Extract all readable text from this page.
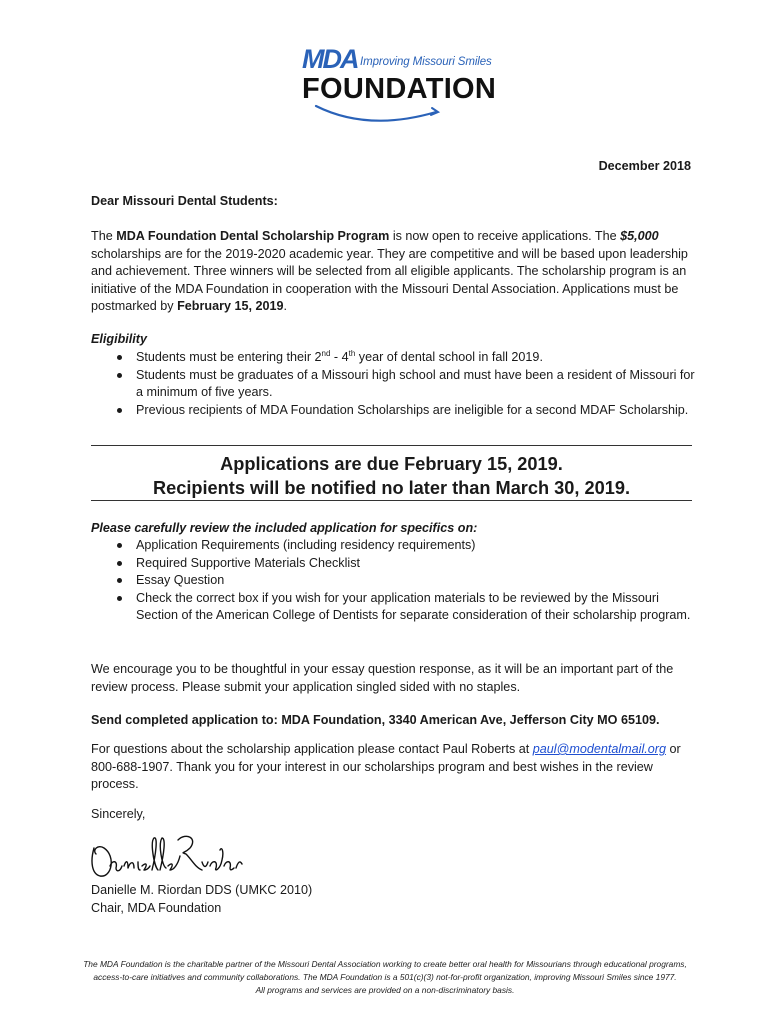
MDA Improving Missouri Smiles
FOUNDATION
December 2018
Dear Missouri Dental Students:
The MDA Foundation Dental Scholarship Program is now open to receive applications. The $5,000 scholarships are for the 2019-2020 academic year. They are competitive and will be based upon leadership and achievement. Three winners will be selected from all eligible applicants. The scholarship program is an initiative of the MDA Foundation in cooperation with the Missouri Dental Association. Applications must be postmarked by February 15, 2019.
Eligibility
Students must be entering their 2nd - 4th year of dental school in fall 2019.
Students must be graduates of a Missouri high school and must have been a resident of Missouri for a minimum of five years.
Previous recipients of MDA Foundation Scholarships are ineligible for a second MDAF Scholarship.
Applications are due February 15, 2019.
Recipients will be notified no later than March 30, 2019.
Please carefully review the included application for specifics on:
Application Requirements (including residency requirements)
Required Supportive Materials Checklist
Essay Question
Check the correct box if you wish for your application materials to be reviewed by the Missouri Section of the American College of Dentists for separate consideration of their scholarship program.
We encourage you to be thoughtful in your essay question response, as it will be an important part of the review process. Please submit your application singled sided with no staples.
Send completed application to: MDA Foundation, 3340 American Ave, Jefferson City MO 65109.
For questions about the scholarship application please contact Paul Roberts at paul@modentalmail.org or 800-688-1907. Thank you for your interest in our scholarships program and best wishes in the review process.
Sincerely,
Danielle M. Riordan DDS (UMKC 2010)
Chair, MDA Foundation
The MDA Foundation is the charitable partner of the Missouri Dental Association working to create better oral health for Missourians through educational programs,
access-to-care initiatives and community collaborations. The MDA Foundation is a 501(c)(3) not-for-profit organization, improving Missouri Smiles since 1977.
All programs and services are provided on a non-discriminatory basis.
